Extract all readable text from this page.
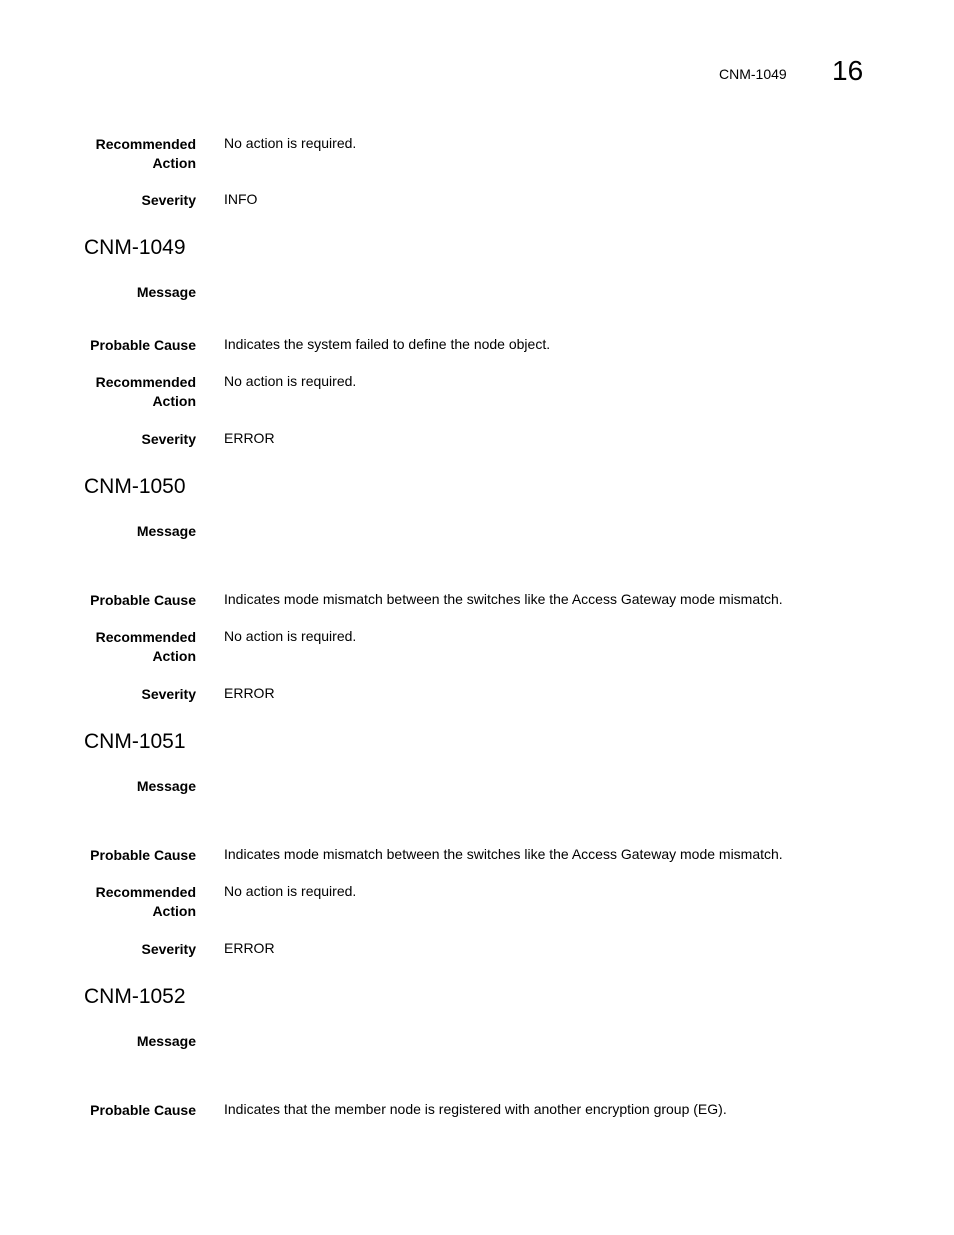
CNM-1049 16
Recommended
Action
No action is required.
Severity INFO
CNM-1049
Message
Probable Cause Indicates the system failed to define the node object.
Recommended
Action
No action is required.
Severity ERROR
CNM-1050
Message
Probable Cause Indicates mode mismatch between the switches like the Access Gateway mode mismatch.
Recommended
Action
No action is required.
Severity ERROR
CNM-1051
Message
Probable Cause Indicates mode mismatch between the switches like the Access Gateway mode mismatch.
Recommended
Action
No action is required.
Severity ERROR
CNM-1052
Message
Probable Cause Indicates that the member node is registered with another encryption group (EG).
